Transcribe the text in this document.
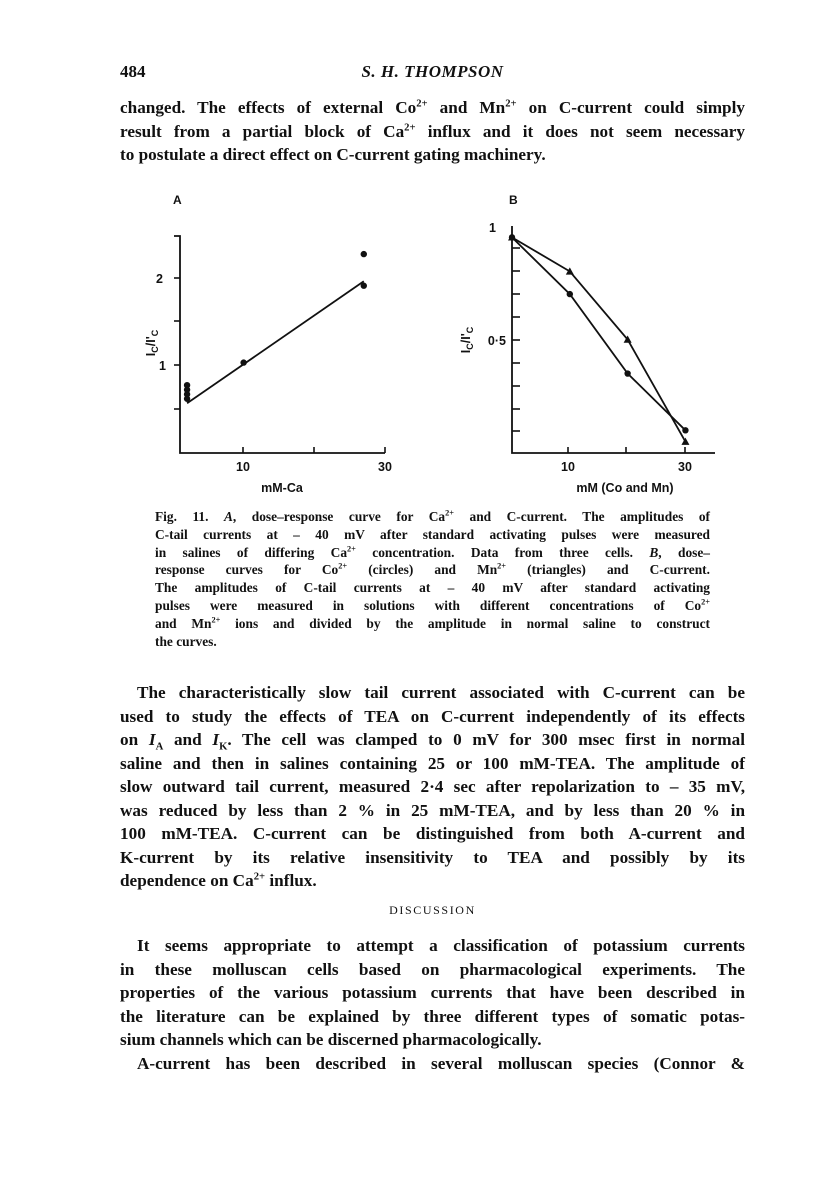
484	S. H. THOMPSON
changed. The effects of external $Co^{2+}$ and $Mn^{2+}$ on C-current could simply
result from a partial block of $Ca^{2+}$ influx and it does not seem necessary
to postulate a direct effect on C-current gating machinery.
A
2
1
10	30
mM-Ca
$I_C/I'_C$
B
1
0·5
10	30
mM (Co and Mn)
$I_C/I'_C$
Fig. 11. A, dose–response curve for $Ca^{2+}$ and C-current. The amplitudes of
C-tail currents at – 40 mV after standard activating pulses were measured
in salines of differing $Ca^{2+}$ concentration. Data from three cells. B, dose–
response curves for $Co^{2+}$ (circles) and $Mn^{2+}$ (triangles) and C-current.
The amplitudes of C-tail currents at – 40 mV after standard activating
pulses were measured in solutions with different concentrations of $Co^{2+}$
and $Mn^{2+}$ ions and divided by the amplitude in normal saline to construct
the curves.
The characteristically slow tail current associated with C-current can be
used to study the effects of TEA on C-current independently of its effects
on $I_A$ and $I_K$. The cell was clamped to 0 mV for 300 msec first in normal
saline and then in salines containing 25 or 100 mM-TEA. The amplitude of
slow outward tail current, measured 2·4 sec after repolarization to – 35 mV,
was reduced by less than 2 % in 25 mM-TEA, and by less than 20 % in
100 mM-TEA. C-current can be distinguished from both A-current and
K-current by its relative insensitivity to TEA and possibly by its
dependence on $Ca^{2+}$ influx.
DISCUSSION
It seems appropriate to attempt a classification of potassium currents
in these molluscan cells based on pharmacological experiments. The
properties of the various potassium currents that have been described in
the literature can be explained by three different types of somatic potas-
sium channels which can be discerned pharmacologically.
A-current has been described in several molluscan species (Connor &
